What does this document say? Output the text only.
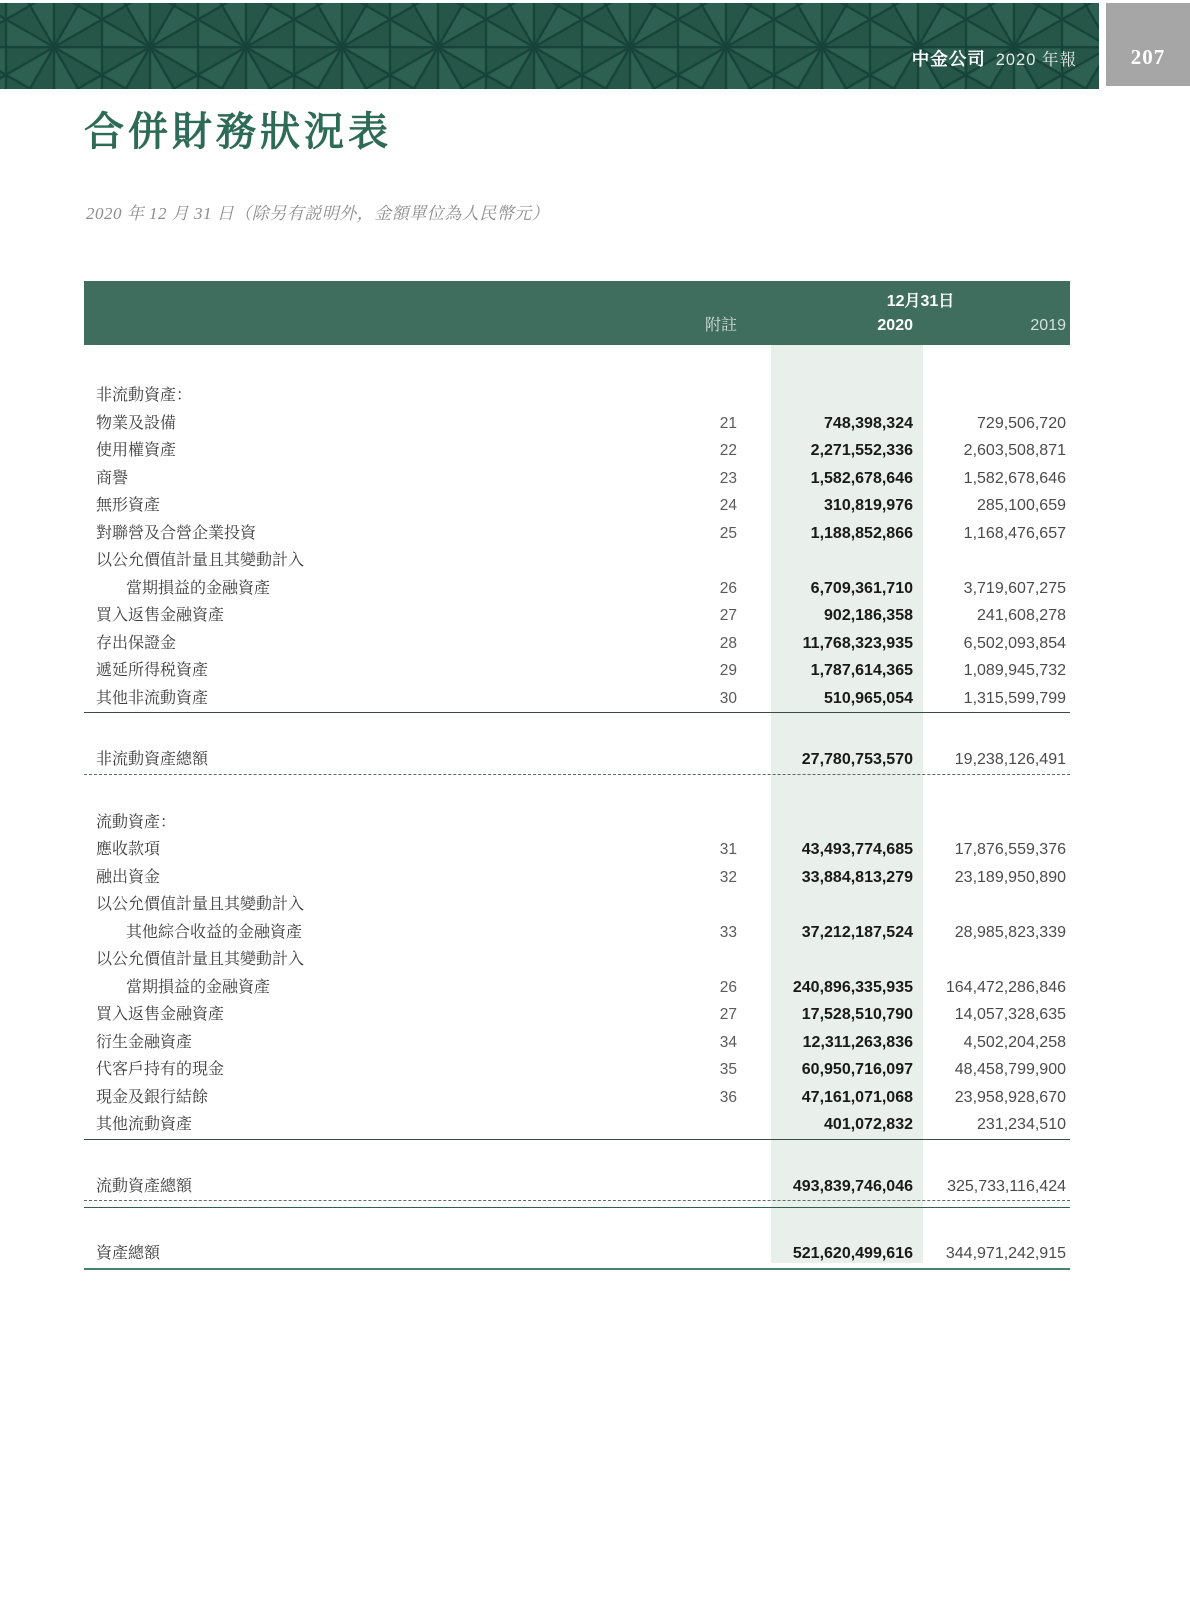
中金公司 2020 年報	207
合併財務狀況表
2020 年 12 月 31 日（除另有説明外，金額單位為人民幣元）
12月31日
附註	2020	2019
非流動資產：
物業及設備	21	748,398,324	729,506,720
使用權資產	22	2,271,552,336	2,603,508,871
商譽	23	1,582,678,646	1,582,678,646
無形資產	24	310,819,976	285,100,659
對聯營及合營企業投資	25	1,188,852,866	1,168,476,657
以公允價值計量且其變動計入
當期損益的金融資產	26	6,709,361,710	3,719,607,275
買入返售金融資產	27	902,186,358	241,608,278
存出保證金	28	11,768,323,935	6,502,093,854
遞延所得税資產	29	1,787,614,365	1,089,945,732
其他非流動資產	30	510,965,054	1,315,599,799
非流動資產總額	27,780,753,570	19,238,126,491
流動資產：
應收款項	31	43,493,774,685	17,876,559,376
融出資金	32	33,884,813,279	23,189,950,890
以公允價值計量且其變動計入
其他綜合收益的金融資產	33	37,212,187,524	28,985,823,339
以公允價值計量且其變動計入
當期損益的金融資產	26	240,896,335,935	164,472,286,846
買入返售金融資產	27	17,528,510,790	14,057,328,635
衍生金融資產	34	12,311,263,836	4,502,204,258
代客戶持有的現金	35	60,950,716,097	48,458,799,900
現金及銀行結餘	36	47,161,071,068	23,958,928,670
其他流動資產	401,072,832	231,234,510
流動資產總額	493,839,746,046	325,733,116,424
資產總額	521,620,499,616	344,971,242,915
